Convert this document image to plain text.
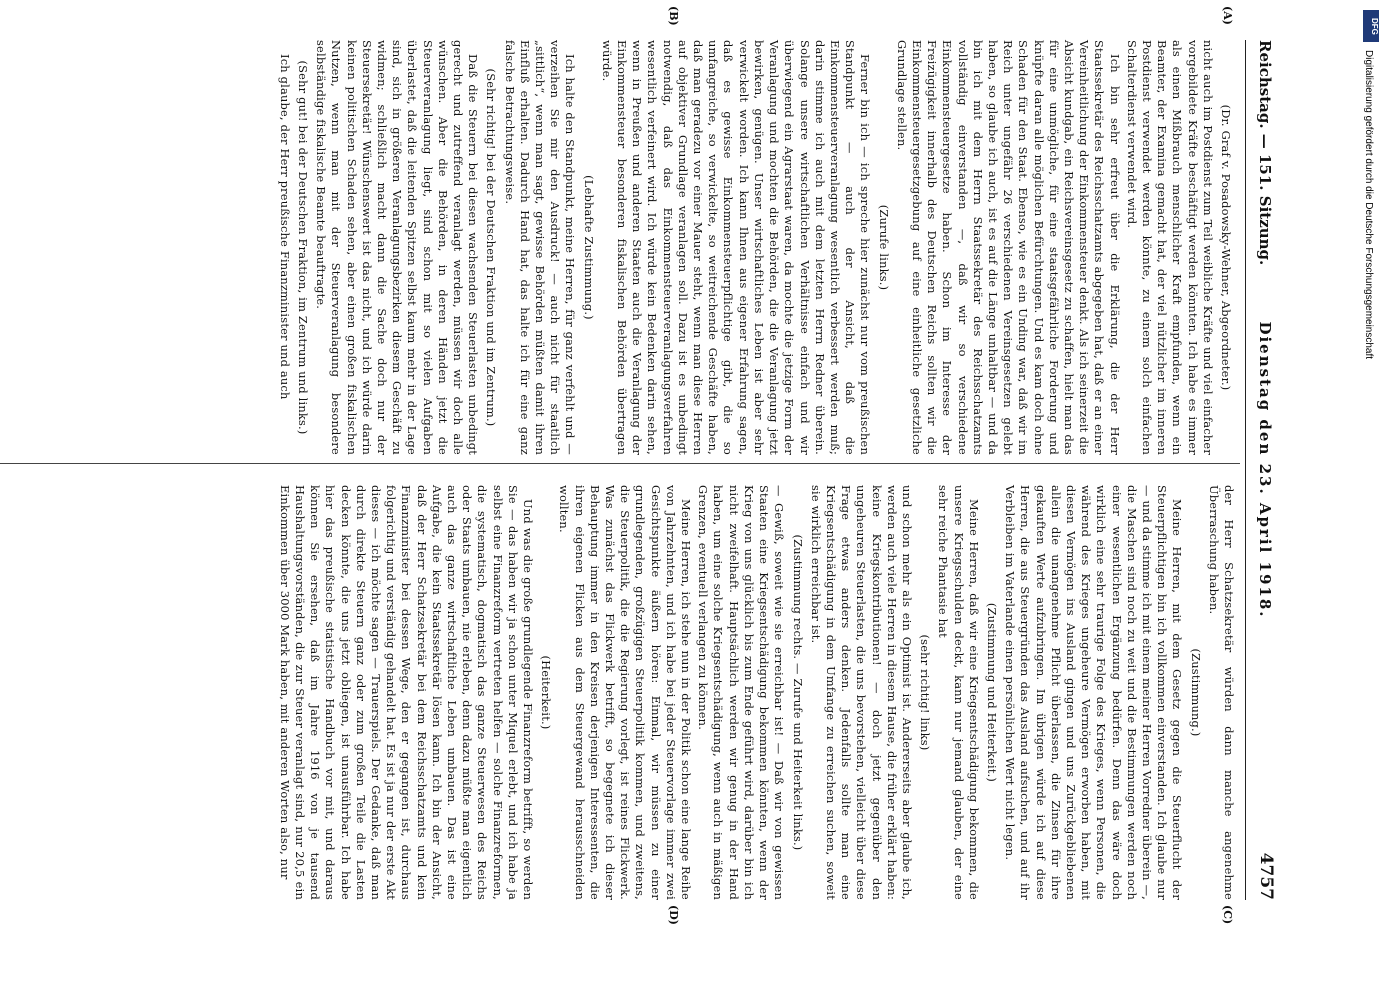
Reichstag. — 151. Sitzung.
Dienstag den 23. April 1918.
4757
(A)
(B)
(C)
(D)

(Dr. Graf v. Posadowsky-Wehner, Abgeordneter.)

nicht auch im Postdienst zum Teil weibliche Kräfte und viel einfacher vorgebildete Kräfte beschäftigt werden könnten. Ich habe es immer als einen Mißbrauch menschlicher Kraft empfunden, wenn ein Beamter, der Examina gemacht hat, der viel nützlicher im inneren Postdienst verwendet werden könnte, zu einem solch einfachen Schalterdienst verwendet wird.

Ich bin sehr erfreut über die Erklärung, die der Herr Staatssekretär des Reichsschatzamts abgegeben hat, daß er an einer Vereinheitlichung der Einkommensteuer denkt. Als ich seinerzeit die Absicht kundgab, ein Reichsvereinsgesetz zu schaffen, hielt man das für eine unmögliche, für eine staatsgefährliche Forderung und knüpfte daran alle möglichen Befürchtungen. Und es kam doch ohne Schaden für den Staat. Ebenso, wie es ein Unding war, daß wir im Reich unter ungefähr 26 verschiedenen Vereinsgesetzen gelebt haben, so glaube ich auch, ist es auf die Länge unhaltbar — und da bin ich mit dem Herrn Staatssekretär des Reichsschatzamts vollständig einverstanden —, daß wir so verschiedene Einkommensteuergesetze haben. Schon im Interesse der Freizügigkeit innerhalb des Deutschen Reichs sollten wir die Einkommensteuergesetzgebung auf eine einheitliche gesetzliche Grundlage stellen.

(Zurufe links.)

Ferner bin ich — ich spreche hier zunächst nur vom preußischen Standpunkt — auch der Ansicht, daß die Einkommensteuerveranlagung wesentlich verbessert werden muß; darin stimme ich auch mit dem letzten Herrn Redner überein. Solange unsere wirtschaftlichen Verhältnisse einfach und wir überwiegend ein Agrarstaat waren, da mochte die jetzige Form der Veranlagung und mochten die Behörden, die die Veranlagung jetzt bewirken, genügen. Unser wirtschaftliches Leben ist aber sehr verwickelt worden. Ich kann Ihnen aus eigener Erfahrung sagen, daß es gewisse Einkommensteuerpflichtige gibt, die so umfangreiche, so verwickelte, so weitreichende Geschäfte haben, daß man geradezu vor einer Mauer steht, wenn man diese Herren auf objektiver Grundlage veranlagen soll. Dazu ist es unbedingt notwendig, daß das Einkommensteuerveranlagungsverfahren wesentlich verfeinert wird. Ich würde kein Bedenken darin sehen, wenn in Preußen und anderen Staaten auch die Veranlagung der Einkommensteuer besonderen fiskalischen Behörden übertragen würde.

(Lebhafte Zustimmung.)

Ich halte den Standpunkt, meine Herren, für ganz verfehlt und — verzeihen Sie mir den Ausdruck! — auch nicht für staatlich „sittlich“, wenn man sagt, gewisse Behörden müßten damit ihren Einfluß erhalten. Dadurch Hand hat, das halte ich für eine ganz falsche Betrachtungsweise.

(Sehr richtig! bei der Deutschen Fraktion und im Zentrum.)

Daß die Steuern bei diesen wachsenden Steuerlasten unbedingt gerecht und zutreffend veranlagt werden, müssen wir doch alle wünschen. Aber die Behörden, in deren Händen jetzt die Steuerveranlagung liegt, sind schon mit so vielen Aufgaben überlastet, daß die leitenden Spitzen selbst kaum mehr in der Lage sind, sich in größeren Veranlagungsbezirken diesem Geschäft zu widmen; schließlich macht dann die Sache doch nur der Steuersekretär! Wünschenswert ist das nicht, und ich würde darin keinen politischen Schaden sehen, aber einen großen fiskalischen Nutzen, wenn man mit der Steuerveranlagung besondere selbständige fiskalische Beamte beauftragte.

(Sehr gut! bei der Deutschen Fraktion, im Zentrum und links.)

Ich glaube, der Herr preußische Finanzminister und auch

der Herr Schatzsekretär würden dann manche angenehme Überraschung haben.

(Zustimmung.)

Meine Herren, mit dem Gesetz gegen die Steuerflucht der Steuerpflichtigen bin ich vollkommen einverstanden. Ich glaube nur — und da stimme ich mit einem meiner Herren Vorredner überein —, die Maschen sind noch zu weit und die Bestimmungen werden noch einer wesentlichen Ergänzung bedürfen. Denn das wäre doch wirklich eine sehr traurige Folge des Krieges, wenn Personen, die während des Krieges ungeheure Vermögen erworben haben, mit diesen Vermögen ins Ausland gingen und uns Zurückgebliebenen allein die unangenehme Pflicht überlassen, die Zinsen für ihre gekauften Werte aufzubringen. Im übrigen würde ich auf diese Herren, die aus Steuergründen das Ausland aufsuchen, und auf ihr Verbleiben im Vaterlande einen persönlichen Wert nicht legen.

(Zustimmung und Heiterkeit.)

Meine Herren, daß wir eine Kriegsentschädigung bekommen, die unsere Kriegsschulden deckt, kann nur jemand glauben, der eine sehr reiche Phantasie hat

(sehr richtig! links)

und schon mehr als ein Optimist ist. Andererseits aber glaube ich, werden auch viele Herren in diesem Hause, die früher erklärt haben: keine Kriegskontributionen! — doch jetzt gegenüber den ungeheuren Steuerlasten, die uns bevorstehen, vielleicht über diese Frage etwas anders denken. Jedenfalls sollte man eine Kriegsentschädigung in dem Umfange zu erreichen suchen, soweit sie wirklich erreichbar ist.

(Zustimmung rechts. — Zurufe und Heiterkeit links.)

— Gewiß, soweit wie sie erreichbar ist! — Daß wir von gewissen Staaten eine Kriegsentschädigung bekommen könnten, wenn der Krieg von uns glücklich bis zum Ende geführt wird, darüber bin ich nicht zweifelhaft. Hauptsächlich werden wir genug in der Hand haben, um eine solche Kriegsentschädigung, wenn auch in mäßigen Grenzen, eventuell verlangen zu können.

Meine Herren, ich stehe nun in der Politik schon eine lange Reihe von Jahrzehnten, und ich habe bei jeder Steuervorlage immer zwei Gesichtspunkte äußern hören: Einmal, wir müssen zu einer grundlegenden, großzügigen Steuerpolitik kommen, und zweitens, die Steuerpolitik, die die Regierung vorlegt, ist reines Flickwerk. Was zunächst das Flickwerk betrifft, so begegnete ich dieser Behauptung immer in den Kreisen derjenigen Interessenten, die ihren eigenen Flicken aus dem Steuergewand herausschneiden wollten.

(Heiterkeit.)

Und was die große grundlegende Finanzreform betrifft, so werden Sie — das haben wir ja schon unter Miquel erlebt, und ich habe ja selbst eine Finanzreform vertreten helfen — solche Finanzreformen, die systematisch, dogmatisch das ganze Steuerwesen des Reichs oder Staats umbauen, nie erleben, denn dazu müßte man eigentlich auch das ganze wirtschaftliche Leben umbauen. Das ist eine Aufgabe, die kein Staatssekretär lösen kann. Ich bin der Ansicht, daß der Herr Schatzsekretär bei dem Reichsschatzamts und kein Finanzminister bei dessen Wege, den er gegangen ist, durchaus folgerichtig und verständig gehandelt hat. Es ist ja nur der erste Akt dieses — ich möchte sagen — Trauerspiels. Der Gedanke, daß man durch direkte Steuern ganz oder zum großen Teile die Lasten decken könnte, die uns jetzt obliegen, ist unausführbar. Ich habe hier das preußische statistische Handbuch vor mit, und daraus können Sie ersehen, daß im Jahre 1916 von je tausend Haushaltungsvorständen, die zur Steuer veranlagt sind, nur 20,5 ein Einkommen über 3000 Mark haben, mit anderen Worten also, nur

DFG
Digitalisierung gefördert durch die Deutsche Forschungsgemeinschaft
